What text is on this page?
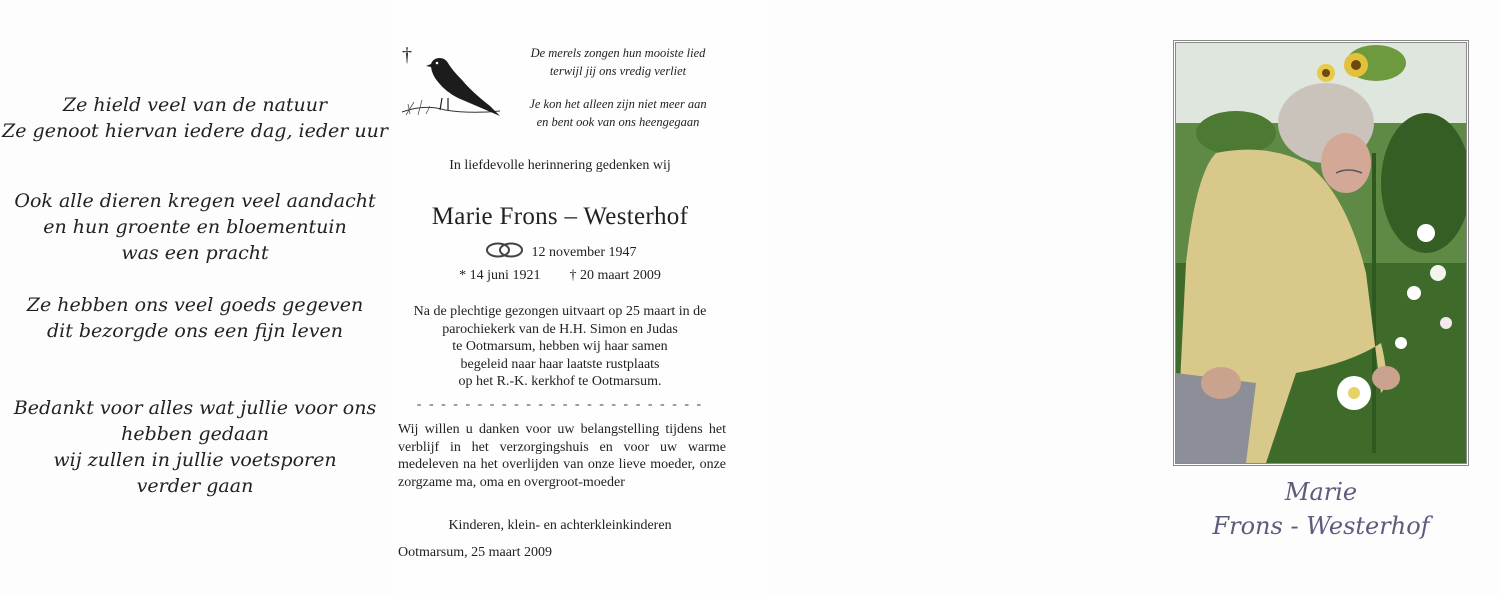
Ze hield veel van de natuur
Ze genoot hiervan iedere dag, ieder uur
Ook alle dieren kregen veel aandacht
en hun groente en bloementuin
was een pracht
Ze hebben ons veel goeds gegeven
dit bezorgde ons een fijn leven
Bedankt voor alles wat jullie voor ons
hebben gedaan
wij zullen in jullie voetsporen
verder gaan
†	De merels zongen hun mooiste lied
terwijl jij ons vredig verliet
Je kon het alleen zijn niet meer aan
en bent ook van ons heengegaan
In liefdevolle herinnering gedenken wij
Marie Frons – Westerhof
12 november 1947
* 14 juni 1921 † 20 maart 2009
Na de plechtige gezongen uitvaart op 25 maart in de
parochiekerk van de H.H. Simon en Judas
te Ootmarsum, hebben wij haar samen
begeleid naar haar laatste rustplaats
op het R.-K. kerkhof te Ootmarsum.
- - - - - - - - - - - - - - - - - - - - - - - -
Wij willen u danken voor uw belangstelling tijdens het verblijf in het verzorgingshuis en voor uw warme medeleven na het overlijden van onze lieve moeder, onze zorgzame ma, oma en overgroot-moeder
Kinderen, klein- en achterkleinkinderen
Ootmarsum, 25 maart 2009
Marie
Frons - Westerhof
